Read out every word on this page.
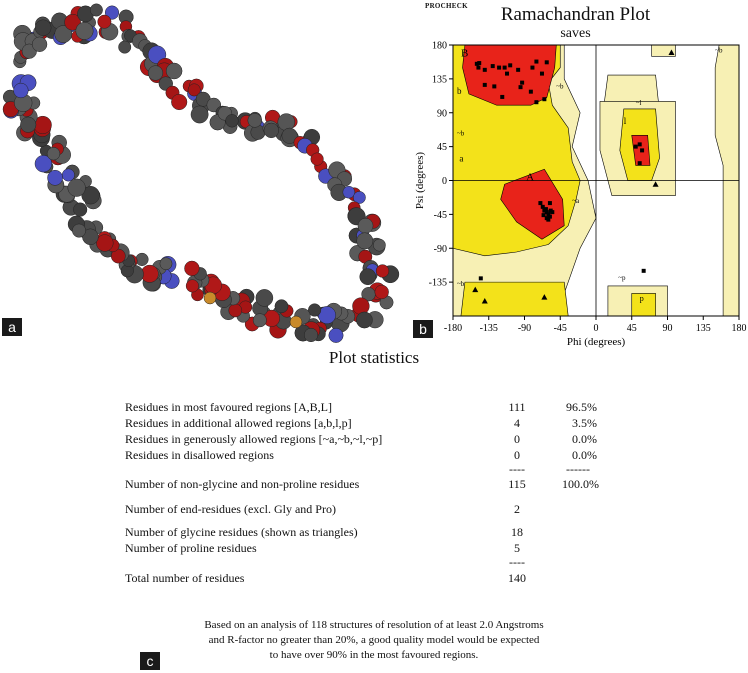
a
PROCHECK	Ramachandran Plot
saves
-180 -135 -90 -45	0	45	90 135 180
-135
-90
-45
0
45
90
135
180
Phi (degrees)
Psi (degrees)
B
b
A
a
l
p
~b
~b
~b
~a
~l
~p
~b
b
Plot statistics
Residues in most favoured regions [A,B,L]	111	96.5%
Residues in additional allowed regions [a,b,l,p]	4	3.5%
Residues in generously allowed regions [~a,~b,~l,~p]	0	0.0%
Residues in disallowed regions	0	0.0%
----	------
Number of non-glycine and non-proline residues	115	100.0%
Number of end-residues (excl. Gly and Pro)	2
Number of glycine residues (shown as triangles)	18
Number of proline residues	5
----
Total number of residues	140
Based on an analysis of 118 structures of resolution of at least 2.0 Angstroms
and R-factor no greater than 20%, a good quality model would be expected
to have over 90% in the most favoured regions.
c
